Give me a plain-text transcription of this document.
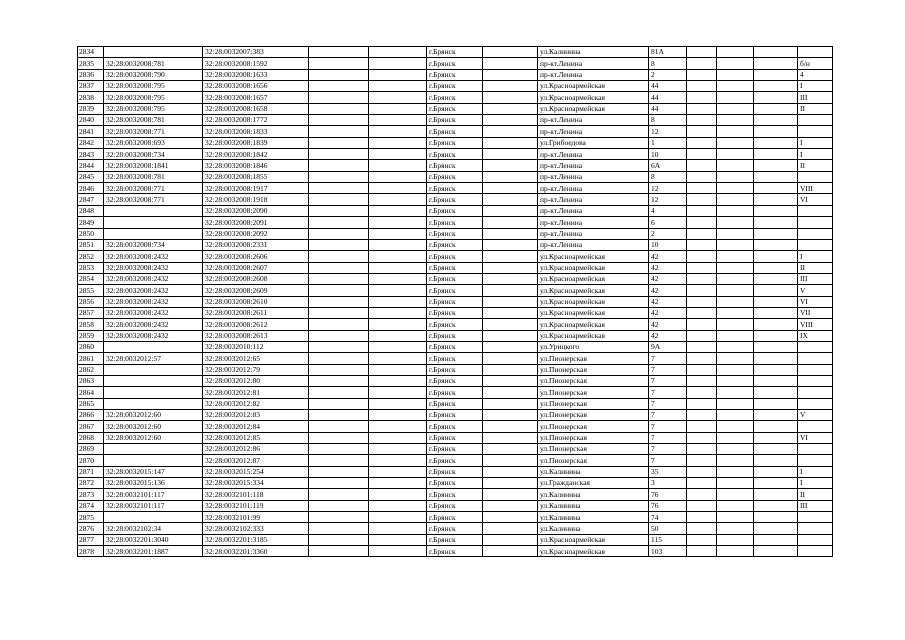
2834		32:28:0032007:383			г.Брянск		ул.Калинина	81А				
2835	32:28:0032008:781	32:28:0032008:1592			г.Брянск		пр-кт.Ленина	8				б/н
2836	32:28:0032008:790	32:28:0032008:1633			г.Брянск		пр-кт.Ленина	2				4
2837	32:28:0032008:795	32:28:0032008:1656			г.Брянск		ул.Красноармейская	44				I
2838	32:28:0032008:795	32:28:0032008:1657			г.Брянск		ул.Красноармейская	44				III
2839	32:28:0032008:795	32:28:0032008:1658			г.Брянск		ул.Красноармейская	44				II
2840	32:28:0032008:781	32:28:0032008:1772			г.Брянск		пр-кт.Ленина	8				
2841	32:28:0032008:771	32:28:0032008:1833			г.Брянск		пр-кт.Ленина	12				
2842	32:28:0032008:693	32:28:0032008:1839			г.Брянск		ул.Грибоедова	1				I
2843	32:28:0032008:734	32:28:0032008:1842			г.Брянск		пр-кт.Ленина	10				I
2844	32:28:0032008:1841	32:28:0032008:1846			г.Брянск		пр-кт.Ленина	6А				II
2845	32:28:0032008:781	32:28:0032008:1855			г.Брянск		пр-кт.Ленина	8				
2846	32:28:0032008:771	32:28:0032008:1917			г.Брянск		пр-кт.Ленина	12				VIII
2847	32:28:0032008:771	32:28:0032008:1918			г.Брянск		пр-кт.Ленина	12				VI
2848		32:28:0032008:2090			г.Брянск		пр-кт.Ленина	4				
2849		32:28:0032008:2091			г.Брянск		пр-кт.Ленина	6				
2850		32:28:0032008:2092			г.Брянск		пр-кт.Ленина	2				
2851	32:28:0032008:734	32:28:0032008:2331			г.Брянск		пр-кт.Ленина	10				
2852	32:28:0032008:2432	32:28:0032008:2606			г.Брянск		ул.Красноармейская	42				I
2853	32:28:0032008:2432	32:28:0032008:2607			г.Брянск		ул.Красноармейская	42				II
2854	32:28:0032008:2432	32:28:0032008:2608			г.Брянск		ул.Красноармейская	42				III
2855	32:28:0032008:2432	32:28:0032008:2609			г.Брянск		ул.Красноармейская	42				V
2856	32:28:0032008:2432	32:28:0032008:2610			г.Брянск		ул.Красноармейская	42				VI
2857	32:28:0032008:2432	32:28:0032008:2611			г.Брянск		ул.Красноармейская	42				VII
2858	32:28:0032008:2432	32:28:0032008:2612			г.Брянск		ул.Красноармейская	42				VIII
2859	32:28:0032008:2432	32:28:0032008:2613			г.Брянск		ул.Красноармейская	42				IX
2860		32:28:0032010:112			г.Брянск		ул.Урицкого	9А				
2861	32:28:0032012:57	32:28:0032012:65			г.Брянск		ул.Пионерская	7				
2862		32:28:0032012:79			г.Брянск		ул.Пионерская	7				
2863		32:28:0032012:80			г.Брянск		ул.Пионерская	7				
2864		32:28:0032012:81			г.Брянск		ул.Пионерская	7				
2865		32:28:0032012:82			г.Брянск		ул.Пионерская	7				
2866	32:28:0032012:60	32:28:0032012:83			г.Брянск		ул.Пионерская	7				V
2867	32:28:0032012:60	32:28:0032012:84			г.Брянск		ул.Пионерская	7				
2868	32:28:0032012:60	32:28:0032012:85			г.Брянск		ул.Пионерская	7				VI
2869		32:28:0032012:86			г.Брянск		ул.Пионерская	7				
2870		32:28:0032012:87			г.Брянск		ул.Пионерская	7				
2871	32:28:0032015:147	32:28:0032015:254			г.Брянск		ул.Калинина	35				I
2872	32:28:0032015:136	32:28:0032015:334			г.Брянск		ул.Гражданская	3				I
2873	32:28:0032101:117	32:28:0032101:118			г.Брянск		ул.Калинина	76				II
2874	32:28:0032101:117	32:28:0032101:119			г.Брянск		ул.Калинина	76				III
2875		32:28:0032101:99			г.Брянск		ул.Калинина	74				
2876	32:28:0032102:34	32:28:0032102:333			г.Брянск		ул.Калинина	50				
2877	32:28:0032201:3040	32:28:0032201:3185			г.Брянск		ул.Красноармейская	115				
2878	32:28:0032201:1887	32:28:0032201:3360			г.Брянск		ул.Красноармейская	103				
